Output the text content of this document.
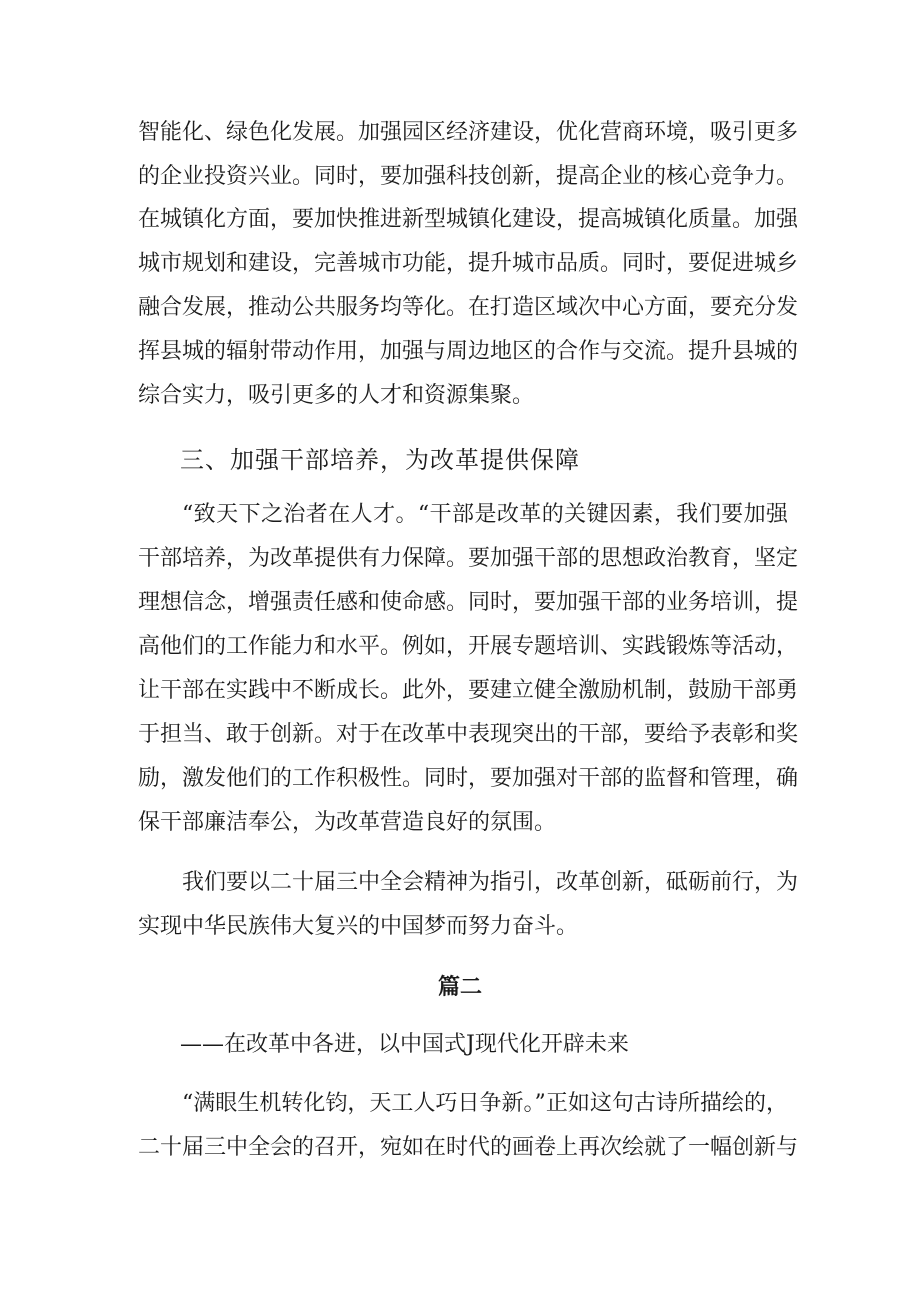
智能化、绿色化发展。加强园区经济建设，优化营商环境，吸引更多
的企业投资兴业。同时，要加强科技创新，提高企业的核心竞争力。
在城镇化方面，要加快推进新型城镇化建设，提高城镇化质量。加强
城市规划和建设，完善城市功能，提升城市品质。同时，要促进城乡
融合发展，推动公共服务均等化。在打造区域次中心方面，要充分发
挥县城的辐射带动作用，加强与周边地区的合作与交流。提升县城的
综合实力，吸引更多的人才和资源集聚。
三、加强干部培养，为改革提供保障
“致天下之治者在人才。“干部是改革的关键因素，我们要加强
干部培养，为改革提供有力保障。要加强干部的思想政治教育，坚定
理想信念，增强责任感和使命感。同时，要加强干部的业务培训，提
高他们的工作能力和水平。例如，开展专题培训、实践锻炼等活动，
让干部在实践中不断成长。此外，要建立健全激励机制，鼓励干部勇
于担当、敢于创新。对于在改革中表现突出的干部，要给予表彰和奖
励，激发他们的工作积极性。同时，要加强对干部的监督和管理，确
保干部廉洁奉公，为改革营造良好的氛围。
我们要以二十届三中全会精神为指引，改革创新，砥砺前行，为
实现中华民族伟大复兴的中国梦而努力奋斗。
篇二
——在改革中各进，以中国式J现代化开辟未来
“满眼生机转化钧，天工人巧日争新。”正如这句古诗所描绘的，
二十届三中全会的召开，宛如在时代的画卷上再次绘就了一幅创新与
